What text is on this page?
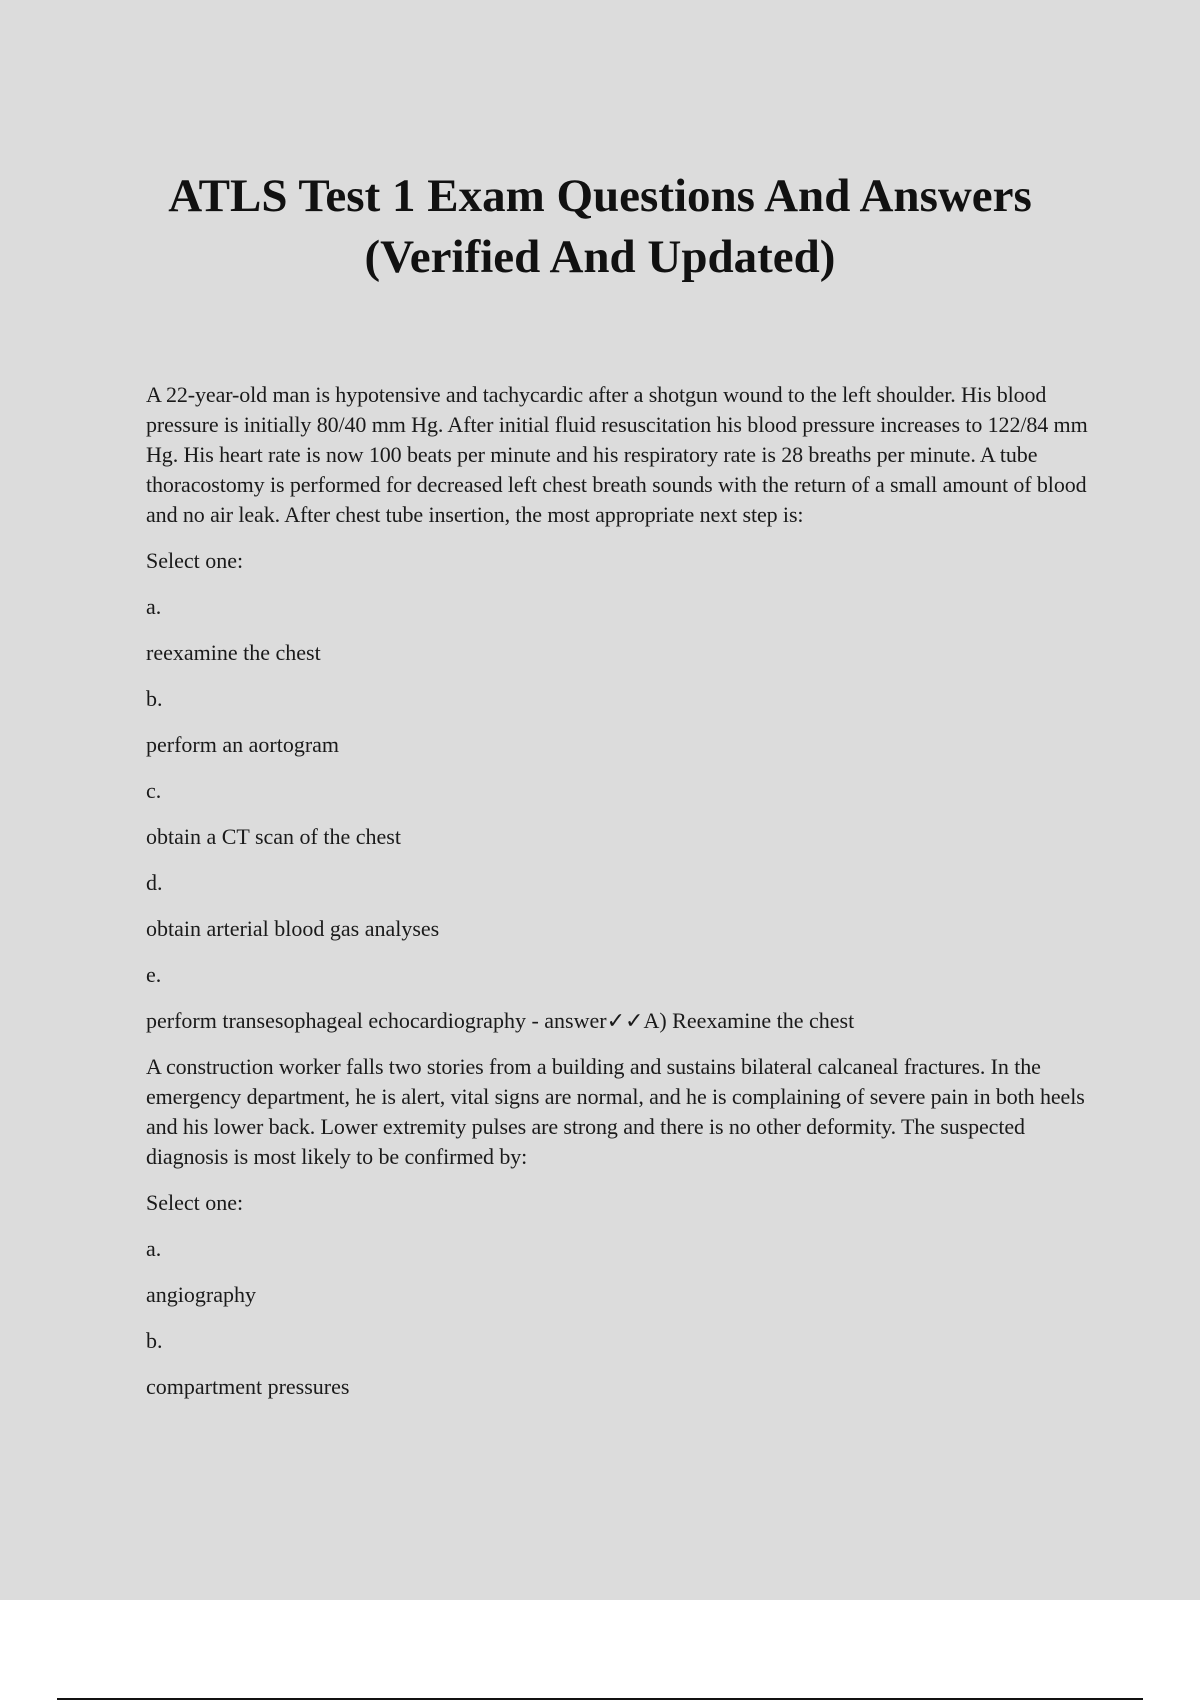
ATLS Test 1 Exam Questions And Answers
(Verified And Updated)

A 22-year-old man is hypotensive and tachycardic after a shotgun wound to the left shoulder. His blood pressure is initially 80/40 mm Hg. After initial fluid resuscitation his blood pressure increases to 122/84 mm Hg. His heart rate is now 100 beats per minute and his respiratory rate is 28 breaths per minute. A tube thoracostomy is performed for decreased left chest breath sounds with the return of a small amount of blood and no air leak. After chest tube insertion, the most appropriate next step is:

Select one:

a.

reexamine the chest

b.

perform an aortogram

c.

obtain a CT scan of the chest

d.

obtain arterial blood gas analyses

e.

perform transesophageal echocardiography - answer✓✓A) Reexamine the chest

A construction worker falls two stories from a building and sustains bilateral calcaneal fractures. In the emergency department, he is alert, vital signs are normal, and he is complaining of severe pain in both heels and his lower back. Lower extremity pulses are strong and there is no other deformity. The suspected diagnosis is most likely to be confirmed by:

Select one:

a.

angiography

b.

compartment pressures
